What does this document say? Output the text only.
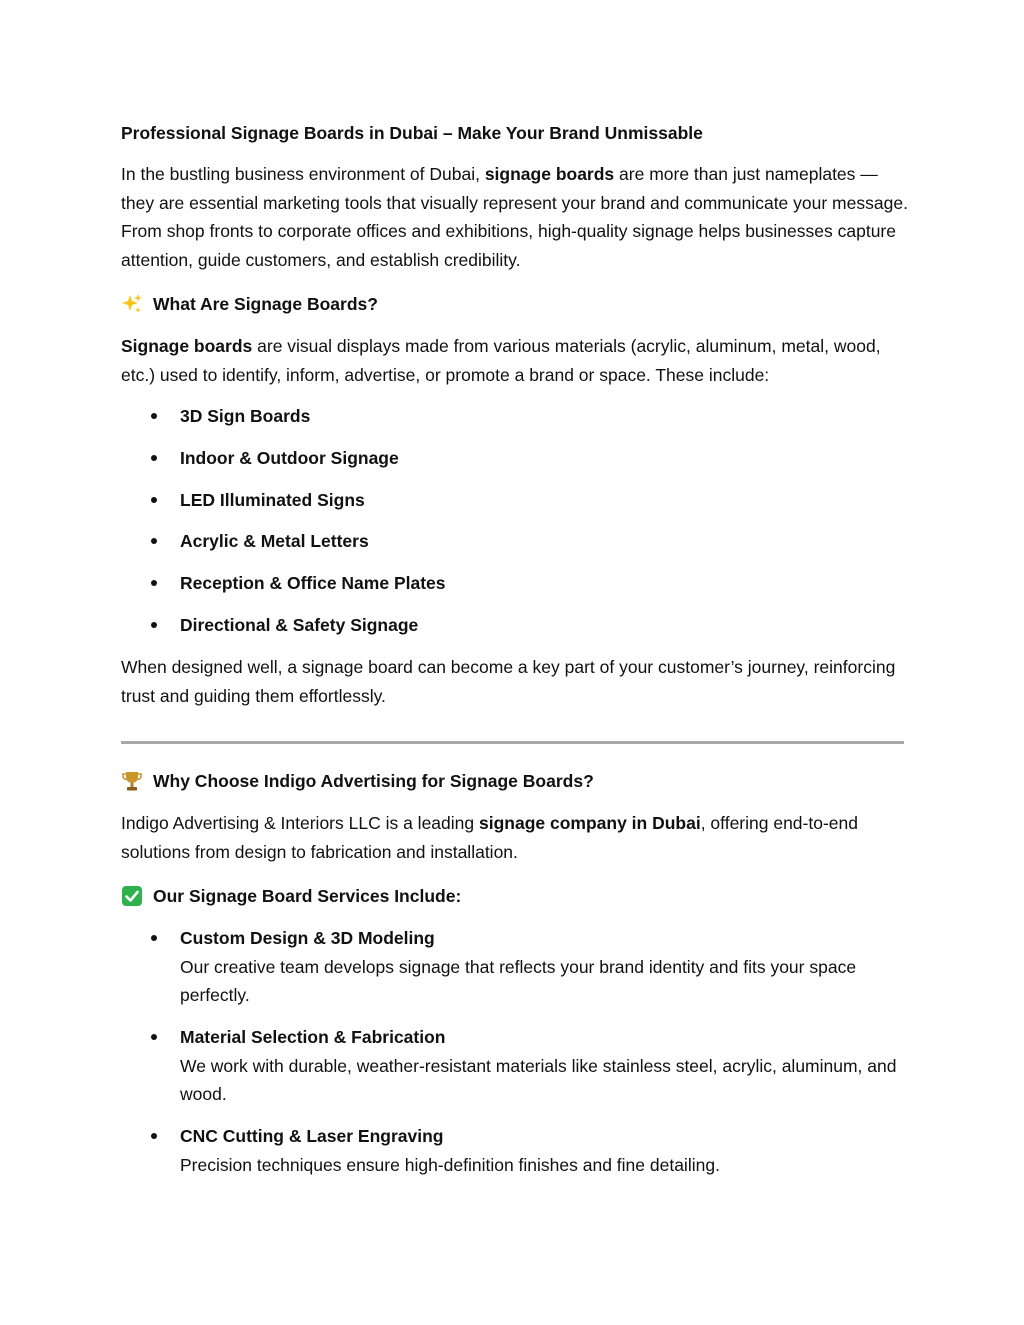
Professional Signage Boards in Dubai – Make Your Brand Unmissable

In the bustling business environment of Dubai, signage boards are more than just nameplates — they are essential marketing tools that visually represent your brand and communicate your message. From shop fronts to corporate offices and exhibitions, high-quality signage helps businesses capture attention, guide customers, and establish credibility.

What Are Signage Boards?

Signage boards are visual displays made from various materials (acrylic, aluminum, metal, wood, etc.) used to identify, inform, advertise, or promote a brand or space. These include:

3D Sign Boards
Indoor & Outdoor Signage
LED Illuminated Signs
Acrylic & Metal Letters
Reception & Office Name Plates
Directional & Safety Signage

When designed well, a signage board can become a key part of your customer’s journey, reinforcing trust and guiding them effortlessly.

Why Choose Indigo Advertising for Signage Boards?

Indigo Advertising & Interiors LLC is a leading signage company in Dubai, offering end-to-end solutions from design to fabrication and installation.

Our Signage Board Services Include:
Custom Design & 3D Modeling
Our creative team develops signage that reflects your brand identity and fits your space perfectly.
Material Selection & Fabrication
We work with durable, weather-resistant materials like stainless steel, acrylic, aluminum, and wood.
CNC Cutting & Laser Engraving
Precision techniques ensure high-definition finishes and fine detailing.
